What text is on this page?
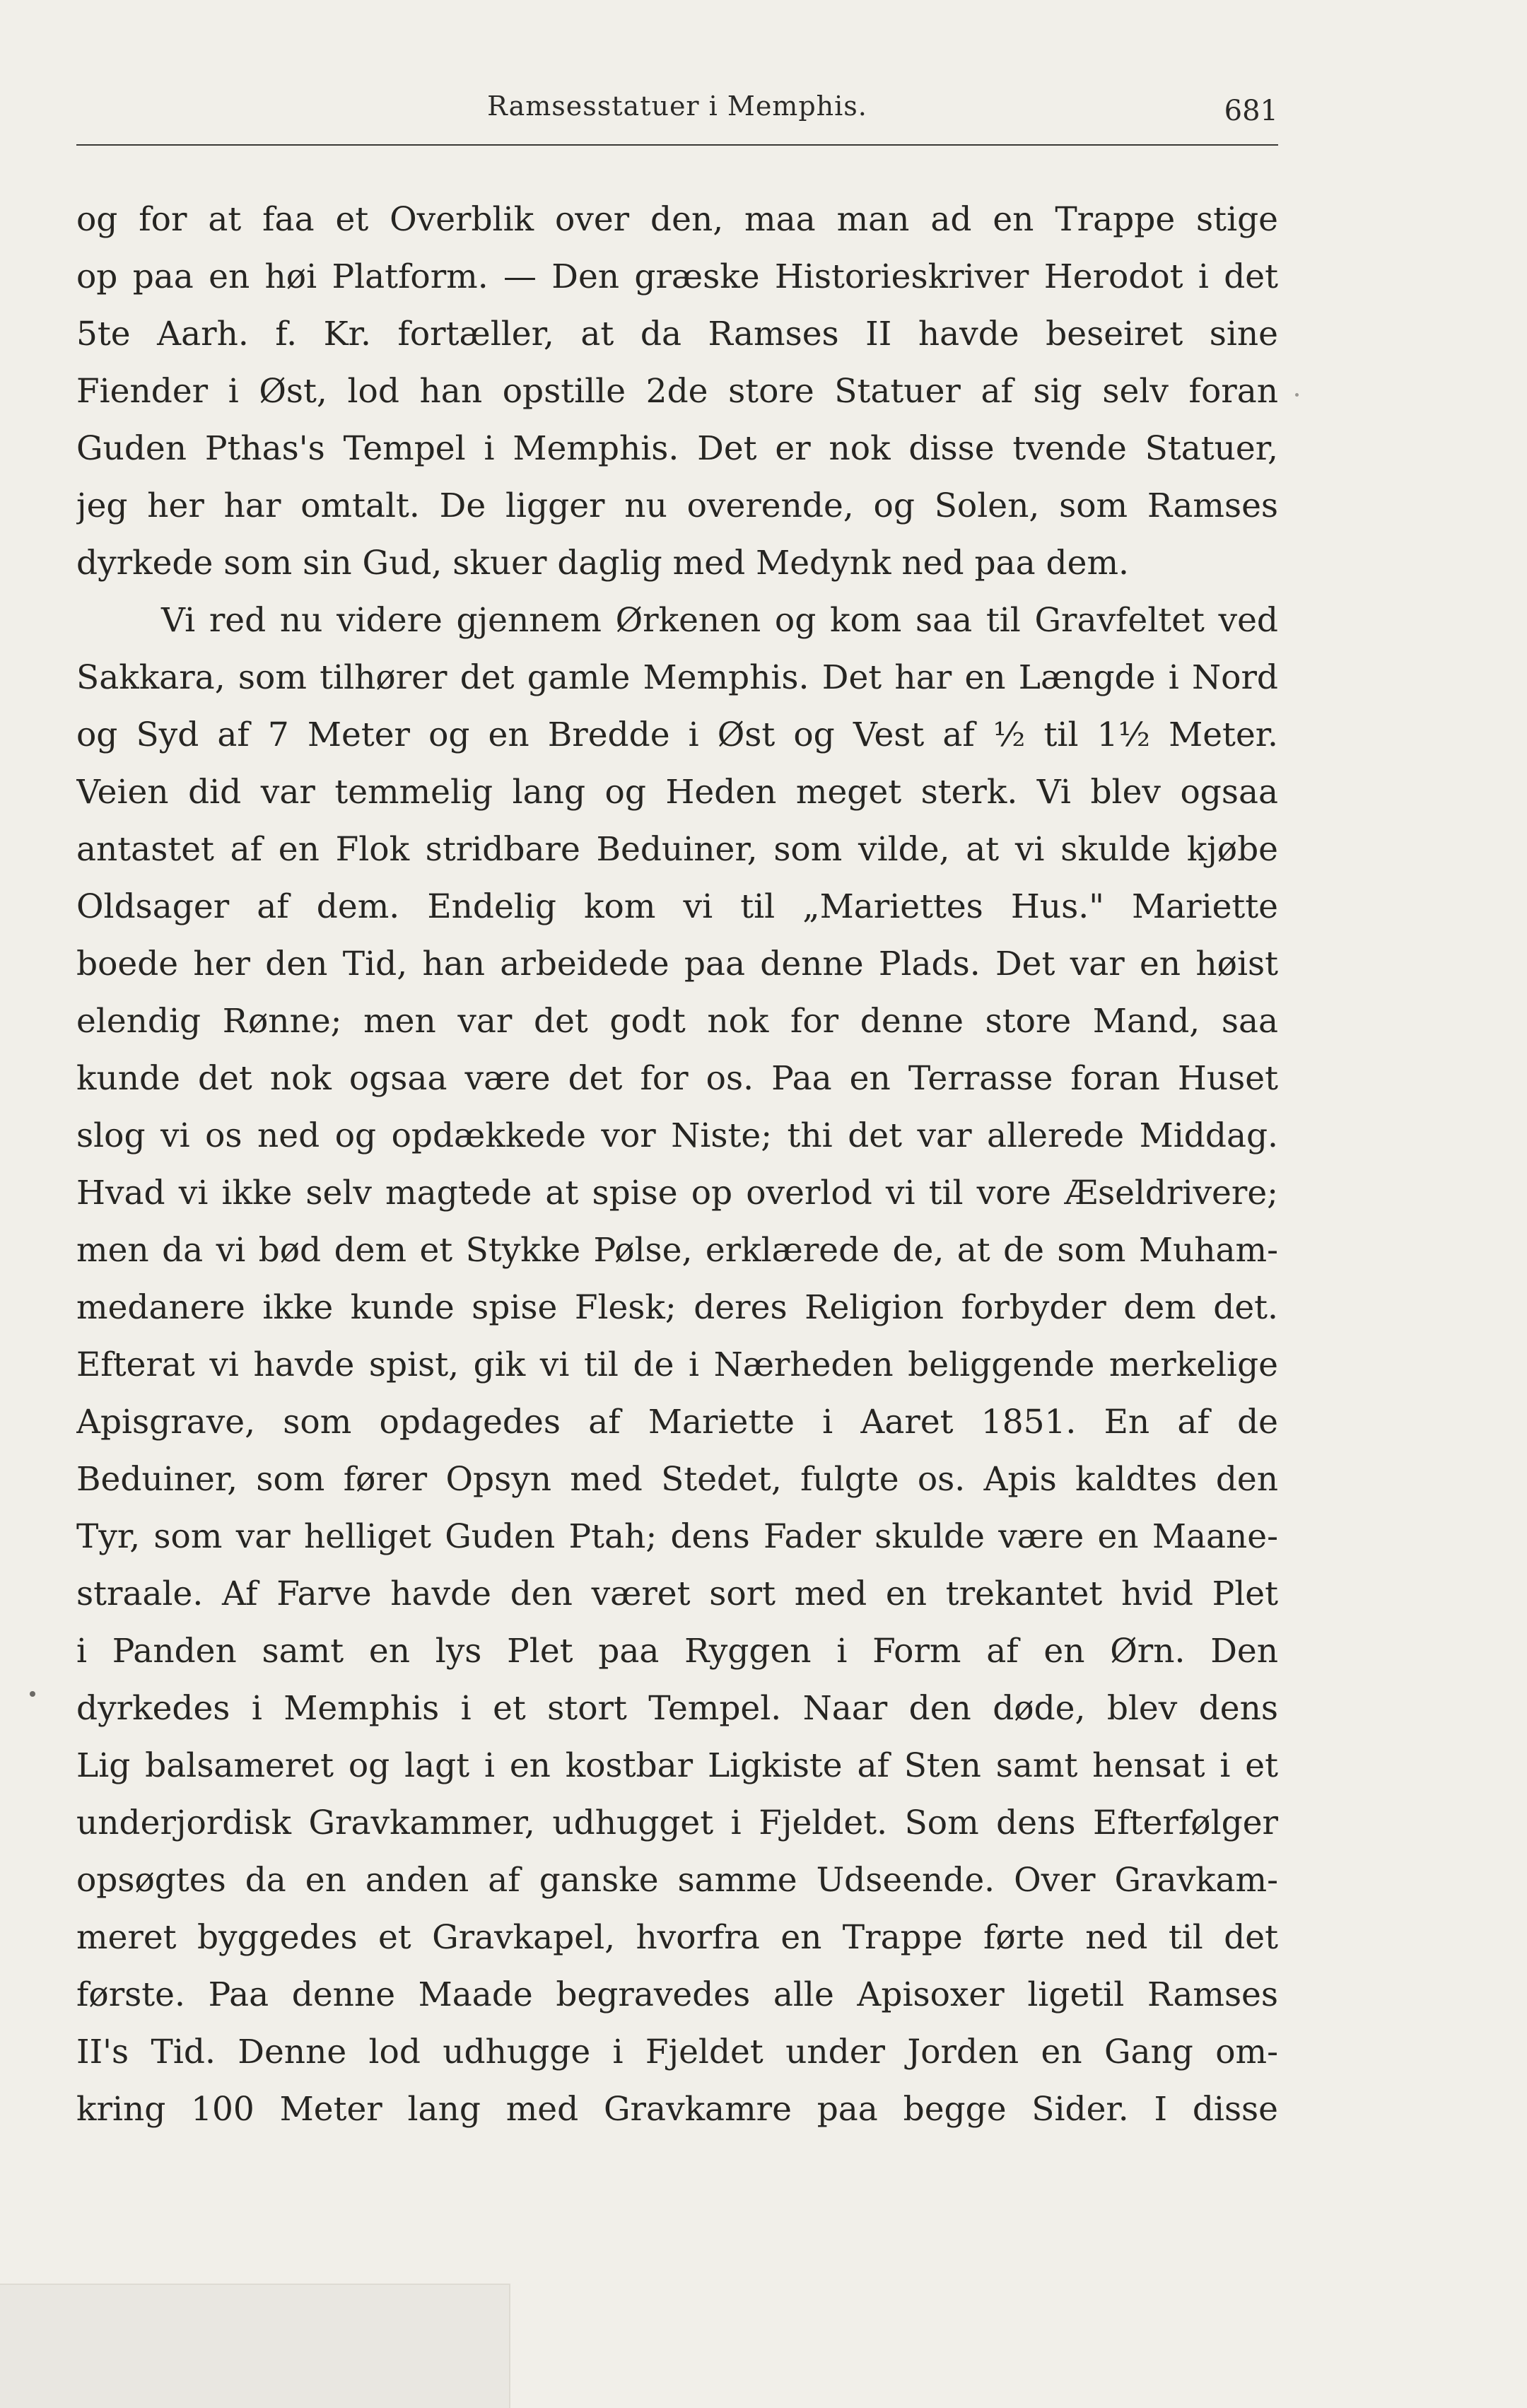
Ramsesstatuer i Memphis.	681
og for at faa et Overblik over den, maa man ad en Trappe stige
op paa en høi Platform. — Den græske Historieskriver Herodot i det
5te Aarh. f. Kr. fortæller, at da Ramses II havde beseiret sine
Fiender i Øst, lod han opstille 2de store Statuer af sig selv foran
Guden Pthas's Tempel i Memphis. Det er nok disse tvende Statuer,
jeg her har omtalt. De ligger nu overende, og Solen, som Ramses
dyrkede som sin Gud, skuer daglig med Medynk ned paa dem.
Vi red nu videre gjennem Ørkenen og kom saa til Gravfeltet ved
Sakkara, som tilhører det gamle Memphis. Det har en Længde i Nord
og Syd af 7 Meter og en Bredde i Øst og Vest af ½ til 1½ Meter.
Veien did var temmelig lang og Heden meget sterk. Vi blev ogsaa
antastet af en Flok stridbare Beduiner, som vilde, at vi skulde kjøbe
Oldsager af dem. Endelig kom vi til „Mariettes Hus." Mariette
boede her den Tid, han arbeidede paa denne Plads. Det var en høist
elendig Rønne; men var det godt nok for denne store Mand, saa
kunde det nok ogsaa være det for os. Paa en Terrasse foran Huset
slog vi os ned og opdækkede vor Niste; thi det var allerede Middag.
Hvad vi ikke selv magtede at spise op overlod vi til vore Æseldrivere;
men da vi bød dem et Stykke Pølse, erklærede de, at de som Muham-
medanere ikke kunde spise Flesk; deres Religion forbyder dem det.
Efterat vi havde spist, gik vi til de i Nærheden beliggende merkelige
Apisgrave, som opdagedes af Mariette i Aaret 1851. En af de
Beduiner, som fører Opsyn med Stedet, fulgte os. Apis kaldtes den
Tyr, som var helliget Guden Ptah; dens Fader skulde være en Maane-
straale. Af Farve havde den været sort med en trekantet hvid Plet
i Panden samt en lys Plet paa Ryggen i Form af en Ørn. Den
dyrkedes i Memphis i et stort Tempel. Naar den døde, blev dens
Lig balsameret og lagt i en kostbar Ligkiste af Sten samt hensat i et
underjordisk Gravkammer, udhugget i Fjeldet. Som dens Efterfølger
opsøgtes da en anden af ganske samme Udseende. Over Gravkam-
meret byggedes et Gravkapel, hvorfra en Trappe førte ned til det
første. Paa denne Maade begravedes alle Apisoxer ligetil Ramses
II's Tid. Denne lod udhugge i Fjeldet under Jorden en Gang om-
kring 100 Meter lang med Gravkamre paa begge Sider. I disse
